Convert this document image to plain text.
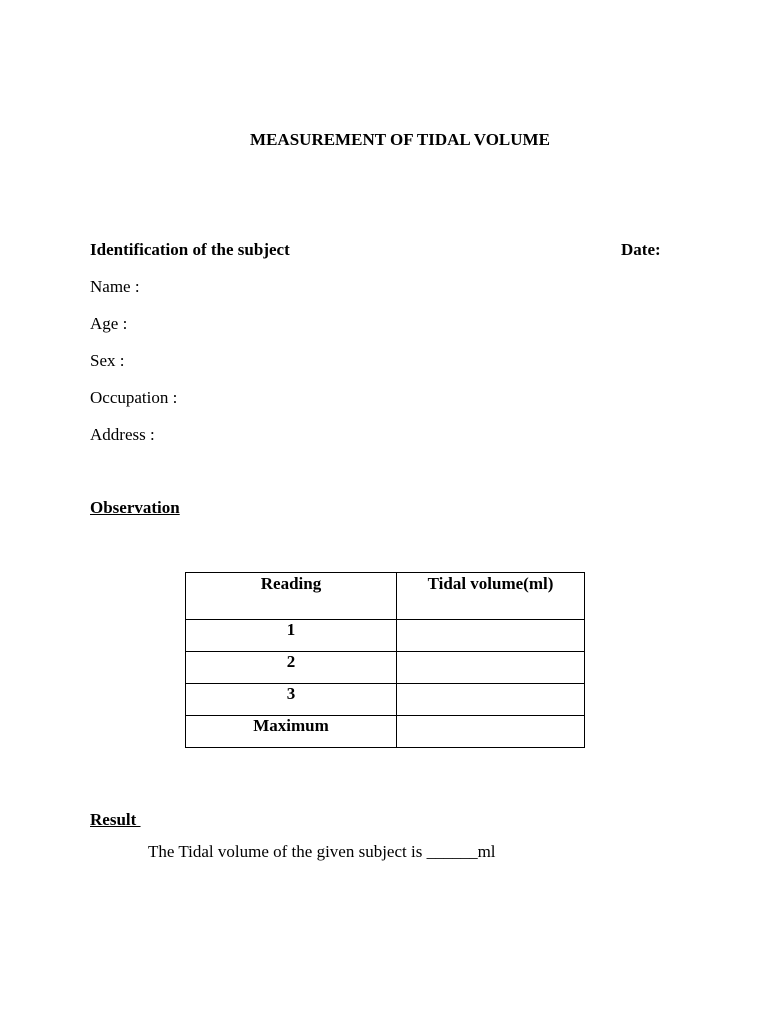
MEASUREMENT OF TIDAL VOLUME
Identification of the subject	Date:
Name :
Age :
Sex :
Occupation :
Address :
Observation
Reading	Tidal volume(ml)
1	
2	
3	
Maximum	
Result
The Tidal volume of the given subject is ______ml
